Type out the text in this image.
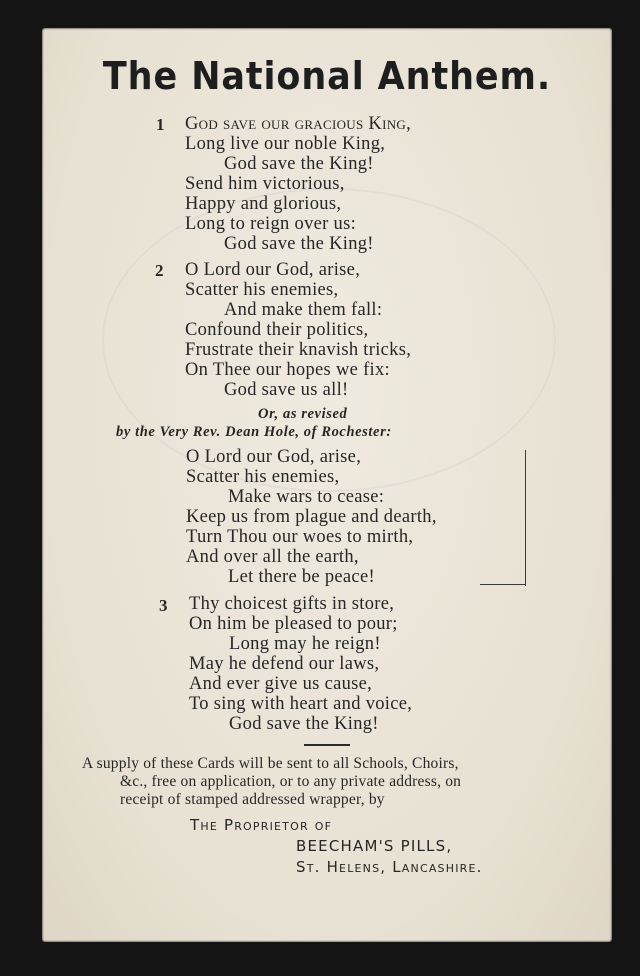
The National Anthem.
1 God save our gracious King,
Long live our noble King,
God save the King!
Send him victorious,
Happy and glorious,
Long to reign over us:
God save the King!
2 O Lord our God, arise,
Scatter his enemies,
And make them fall:
Confound their politics,
Frustrate their knavish tricks,
On Thee our hopes we fix:
God save us all!
Or, as revised
by the Very Rev. Dean Hole, of Rochester:
O Lord our God, arise,
Scatter his enemies,
Make wars to cease:
Keep us from plague and dearth,
Turn Thou our woes to mirth,
And over all the earth,
Let there be peace!
3 Thy choicest gifts in store,
On him be pleased to pour;
Long may he reign!
May he defend our laws,
And ever give us cause,
To sing with heart and voice,
God save the King!
A supply of these Cards will be sent to all Schools, Choirs,
&c., free on application, or to any private address, on
receipt of stamped addressed wrapper, by
The Proprietor of
BEECHAM'S PILLS,
St. Helens, Lancashire.
